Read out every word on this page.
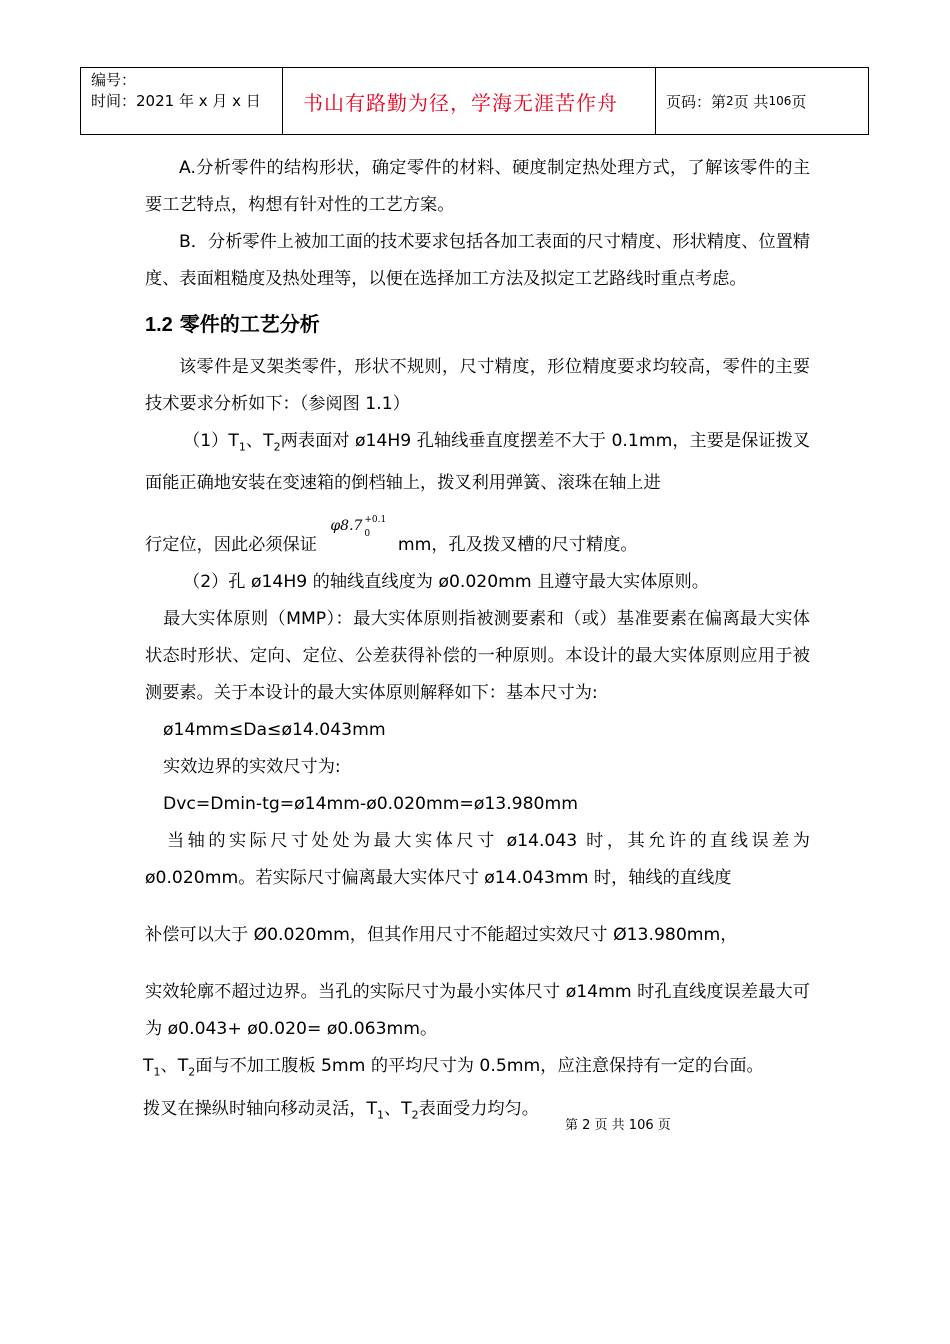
编号：
时间：2021 年 x 月 x 日	书山有路勤为径，学海无涯苦作舟	页码：第 2 页 共 106 页

A.分析零件的结构形状，确定零件的材料、硬度制定热处理方式，了解该零件的主要工艺特点，构想有针对性的工艺方案。

B．分析零件上被加工面的技术要求包括各加工表面的尺寸精度、形状精度、位置精度、表面粗糙度及热处理等，以便在选择加工方法及拟定工艺路线时重点考虑。

1.2 零件的工艺分析

该零件是叉架类零件，形状不规则，尺寸精度，形位精度要求均较高，零件的主要技术要求分析如下：（参阅图 1.1）

$(1)T_1$、$T_2$两表面对 ø14H9 孔轴线垂直度摆差不大于 0.1mm，主要是保证拨叉面能正确地安装在变速箱的倒档轴上，拨叉利用弹簧、滚珠在轴上进

行定位，因此必须保证
φ8.7 +0.1
0
mm，孔及拨叉槽的尺寸精度。

（2）孔 ø14H9 的轴线直线度为 ø0.020mm 且遵守最大实体原则。

最大实体原则（MMP）：最大实体原则指被测要素和（或）基准要素在偏离最大实体状态时形状、定向、定位、公差获得补偿的一种原则。本设计的最大实体原则应用于被测要素。关于本设计的最大实体原则解释如下：基本尺寸为:

ø14mm≤Da≤ø14.043mm

实效边界的实效尺寸为:

Dvc=Dmin-tg=ø14mm-ø0.020mm=ø13.980mm

当轴的实际尺寸处处为最大实体尺寸 ø14.043 时，其允许的直线误差为ø0.020mm。若实际尺寸偏离最大实体尺寸 ø14.043mm 时，轴线的直线度

补偿可以大于 Ø0.020mm，但其作用尺寸不能超过实效尺寸 Ø13.980mm，

实效轮廓不超过边界。当孔的实际尺寸为最小实体尺寸 ø14mm 时孔直线度误差最大可为 ø0.043+ ø0.020= ø0.063mm。

$T_1$、$T_2$面与不加工腹板 5mm 的平均尺寸为 0.5mm，应注意保持有一定的台面。

拨叉在操纵时轴向移动灵活，$T_1$、$T_2$表面受力均匀。

第 2 页 共 106 页
